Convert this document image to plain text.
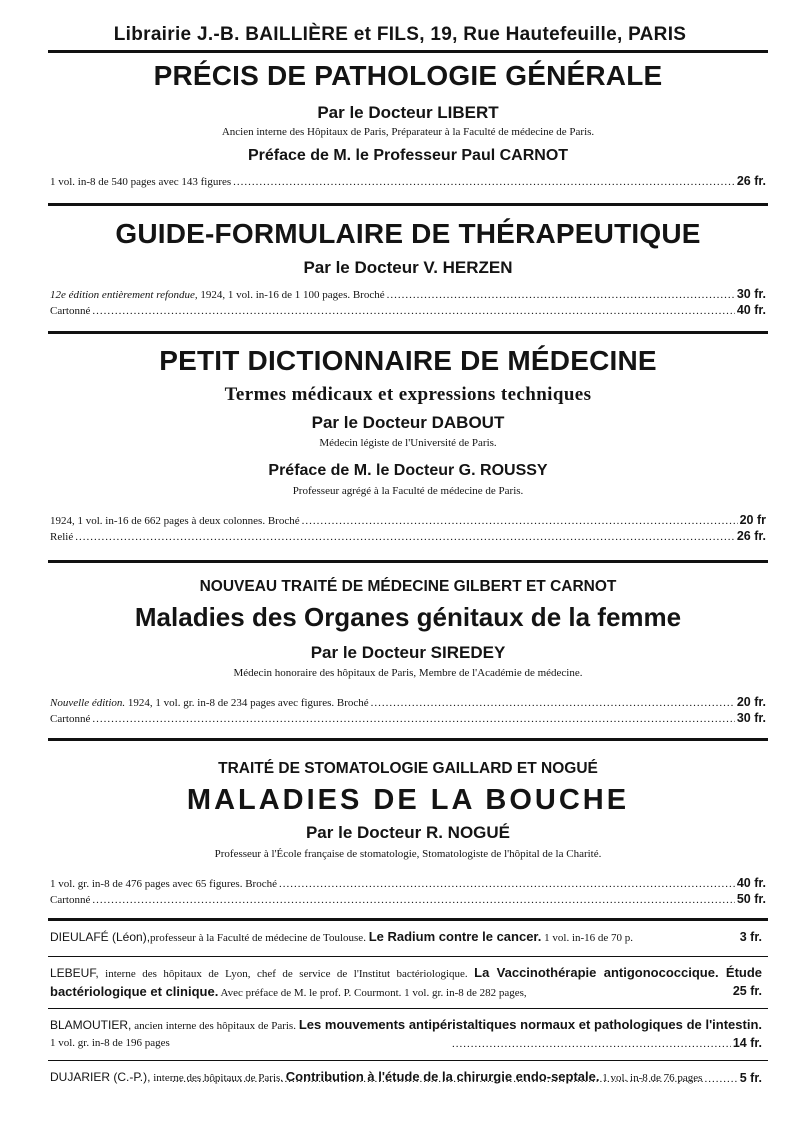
Librairie J.-B. BAILLIÈRE et FILS, 19, Rue Hautefeuille, PARIS
PRÉCIS DE PATHOLOGIE GÉNÉRALE
Par le Docteur LIBERT
Ancien interne des Hôpitaux de Paris, Préparateur à la Faculté de médecine de Paris.
Préface de M. le Professeur Paul CARNOT
1 vol. in-8 de 540 pages avec 143 figures .....	26 fr.
GUIDE-FORMULAIRE DE THÉRAPEUTIQUE
Par le Docteur V. HERZEN
12e édition entièrement refondue, 1924, 1 vol. in-16 de 1 100 pages. Broché .....	30 fr.
Cartonné .....	40 fr.
PETIT DICTIONNAIRE DE MÉDECINE
Termes médicaux et expressions techniques
Par le Docteur DABOUT
Médecin légiste de l'Université de Paris.
Préface de M. le Docteur G. ROUSSY
Professeur agrégé à la Faculté de médecine de Paris.
1924, 1 vol. in-16 de 662 pages à deux colonnes. Broché .....	20 fr
Relié .....	26 fr.
NOUVEAU TRAITÉ DE MÉDECINE GILBERT ET CARNOT
Maladies des Organes génitaux de la femme
Par le Docteur SIREDEY
Médecin honoraire des hôpitaux de Paris, Membre de l'Académie de médecine.
Nouvelle édition. 1924, 1 vol. gr. in-8 de 234 pages avec figures. Broché .....	20 fr.
Cartonné .....	30 fr.
TRAITÉ DE STOMATOLOGIE GAILLARD ET NOGUÉ
MALADIES DE LA BOUCHE
Par le Docteur R. NOGUÉ
Professeur à l'École française de stomatologie, Stomatologiste de l'hôpital de la Charité.
1 vol. gr. in-8 de 476 pages avec 65 figures. Broché .....	40 fr.
Cartonné .....	50 fr.
DIEULAFÉ (Léon), professeur à la Faculté de médecine de Toulouse.
Le Radium contre le cancer.
1 vol. in-16 de 70 p.	3 fr.
LEBEUF, interne des hôpitaux de Lyon, chef de service de l'Institut bactériologique. La Vaccinothérapie antigonococcique. Étude bactériologique et clinique. Avec préface de M. le prof. P. Courmont. 1 vol. gr. in-8 de 282 pages,	25 fr.
BLAMOUTIER, ancien interne des hôpitaux de Paris. Les mouvements antipéristaltiques normaux et pathologiques de l'intestin. 1 vol. gr. in-8 de 196 pages .....	14 fr.
DUJARIER (C.-P.), interne des hôpitaux de Paris. Contribution à l'étude de la chirurgie endo-septale. 1 vol. in-8 de 76 pages .....	5 fr.
